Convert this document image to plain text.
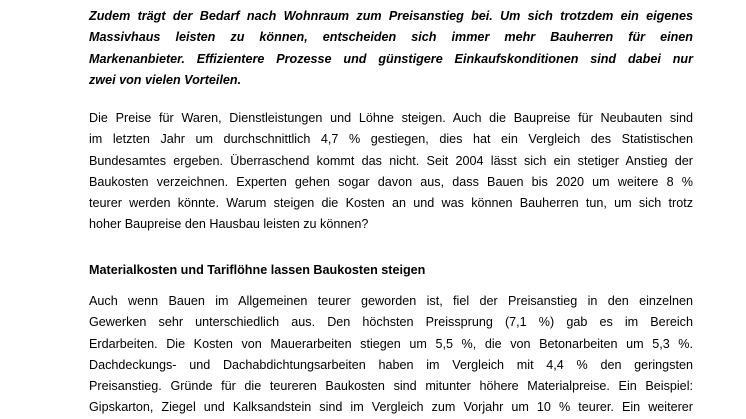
Zudem trägt der Bedarf nach Wohnraum zum Preisanstieg bei. Um sich trotzdem ein eigenes
Massivhaus leisten zu können, entscheiden sich immer mehr Bauherren für einen
Markenanbieter. Effizientere Prozesse und günstigere Einkaufskonditionen sind dabei nur
zwei von vielen Vorteilen.
Die Preise für Waren, Dienstleistungen und Löhne steigen. Auch die Baupreise für Neubauten sind
im letzten Jahr um durchschnittlich 4,7 % gestiegen, dies hat ein Vergleich des Statistischen
Bundesamtes ergeben. Überraschend kommt das nicht. Seit 2004 lässt sich ein stetiger Anstieg der
Baukosten verzeichnen. Experten gehen sogar davon aus, dass Bauen bis 2020 um weitere 8 %
teurer werden könnte. Warum steigen die Kosten an und was können Bauherren tun, um sich trotz
hoher Baupreise den Hausbau leisten zu können?
Materialkosten und Tariflöhne lassen Baukosten steigen
Auch wenn Bauen im Allgemeinen teurer geworden ist, fiel der Preisanstieg in den einzelnen
Gewerken sehr unterschiedlich aus. Den höchsten Preissprung (7,1 %) gab es im Bereich
Erdarbeiten. Die Kosten von Mauerarbeiten stiegen um 5,5 %, die von Betonarbeiten um 5,3 %.
Dachdeckungs- und Dachabdichtungsarbeiten haben im Vergleich mit 4,4 % den geringsten
Preisanstieg. Gründe für die teureren Baukosten sind mitunter höhere Materialpreise. Ein Beispiel:
Gipskarton, Ziegel und Kalksandstein sind im Vergleich zum Vorjahr um 10 % teurer. Ein weiterer
